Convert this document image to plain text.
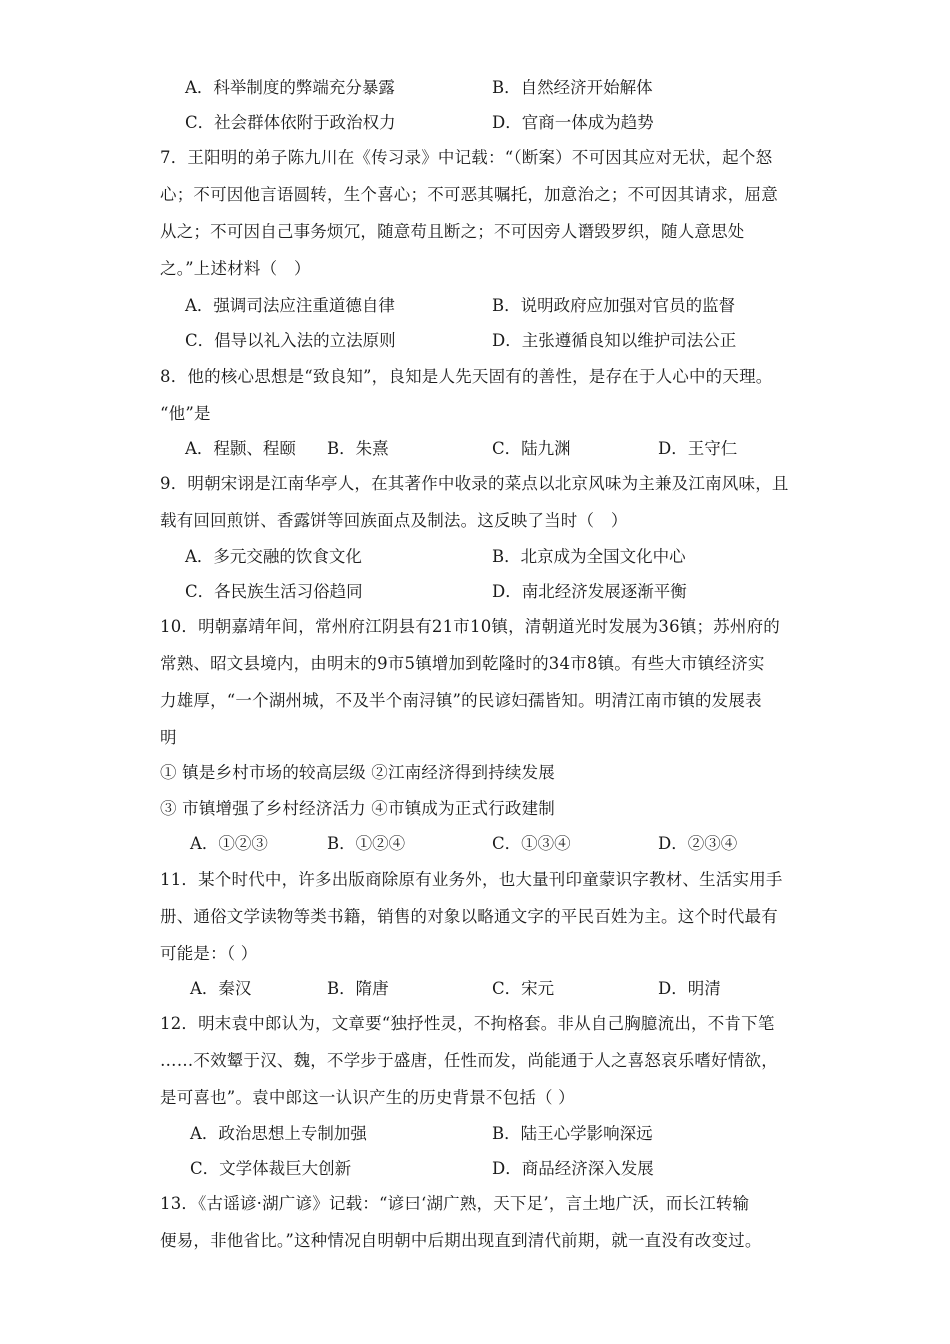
A．科举制度的弊端充分暴露	B．自然经济开始解体
C．社会群体依附于政治权力	D．官商一体成为趋势
7．王阳明的弟子陈九川在《传习录》中记载：“（断案）不可因其应对无状，起个怒
心；不可因他言语圆转，生个喜心；不可恶其嘱托，加意治之；不可因其请求，屈意
从之；不可因自己事务烦冗，随意苟且断之；不可因旁人谮毁罗织，随人意思处
之。”上述材料（　）
A．强调司法应注重道德自律	B．说明政府应加强对官员的监督
C．倡导以礼入法的立法原则	D．主张遵循良知以维护司法公正
8．他的核心思想是“致良知”，良知是人先天固有的善性，是存在于人心中的天理。
“他”是
A．程颢、程颐 B．朱熹	C．陆九渊	D．王守仁
9．明朝宋诩是江南华亭人，在其著作中收录的菜点以北京风味为主兼及江南风味，且
载有回回煎饼、香露饼等回族面点及制法。这反映了当时（　）
A．多元交融的饮食文化	B．北京成为全国文化中心
C．各民族生活习俗趋同	D．南北经济发展逐渐平衡
10．明朝嘉靖年间，常州府江阴县有21市10镇，清朝道光时发展为36镇；苏州府的
常熟、昭文县境内，由明末的9市5镇增加到乾隆时的34市8镇。有些大市镇经济实
力雄厚，“一个湖州城，不及半个南浔镇”的民谚妇孺皆知。明清江南市镇的发展表
明
① 镇是乡村市场的较高层级 ②江南经济得到持续发展
③ 市镇增强了乡村经济活力 ④市镇成为正式行政建制
A．①②③	B．①②④	C．①③④	D．②③④
11．某个时代中，许多出版商除原有业务外，也大量刊印童蒙识字教材、生活实用手
册、通俗文学读物等类书籍，销售的对象以略通文字的平民百姓为主。这个时代最有
可能是：（ ）
A．秦汉	B．隋唐	C．宋元	D．明清
12．明末袁中郎认为，文章要“独抒性灵，不拘格套。非从自己胸臆流出，不肯下笔
……不效颦于汉、魏，不学步于盛唐，任性而发，尚能通于人之喜怒哀乐嗜好情欲，
是可喜也”。袁中郎这一认识产生的历史背景不包括（ ）
A．政治思想上专制加强	B．陆王心学影响深远
C．文学体裁巨大创新	D．商品经济深入发展
13．《古谣谚·湖广谚》记载：“谚曰‘湖广熟，天下足’，言土地广沃，而长江转输
便易，非他省比。”这种情况自明朝中后期出现直到清代前期，就一直没有改变过。
